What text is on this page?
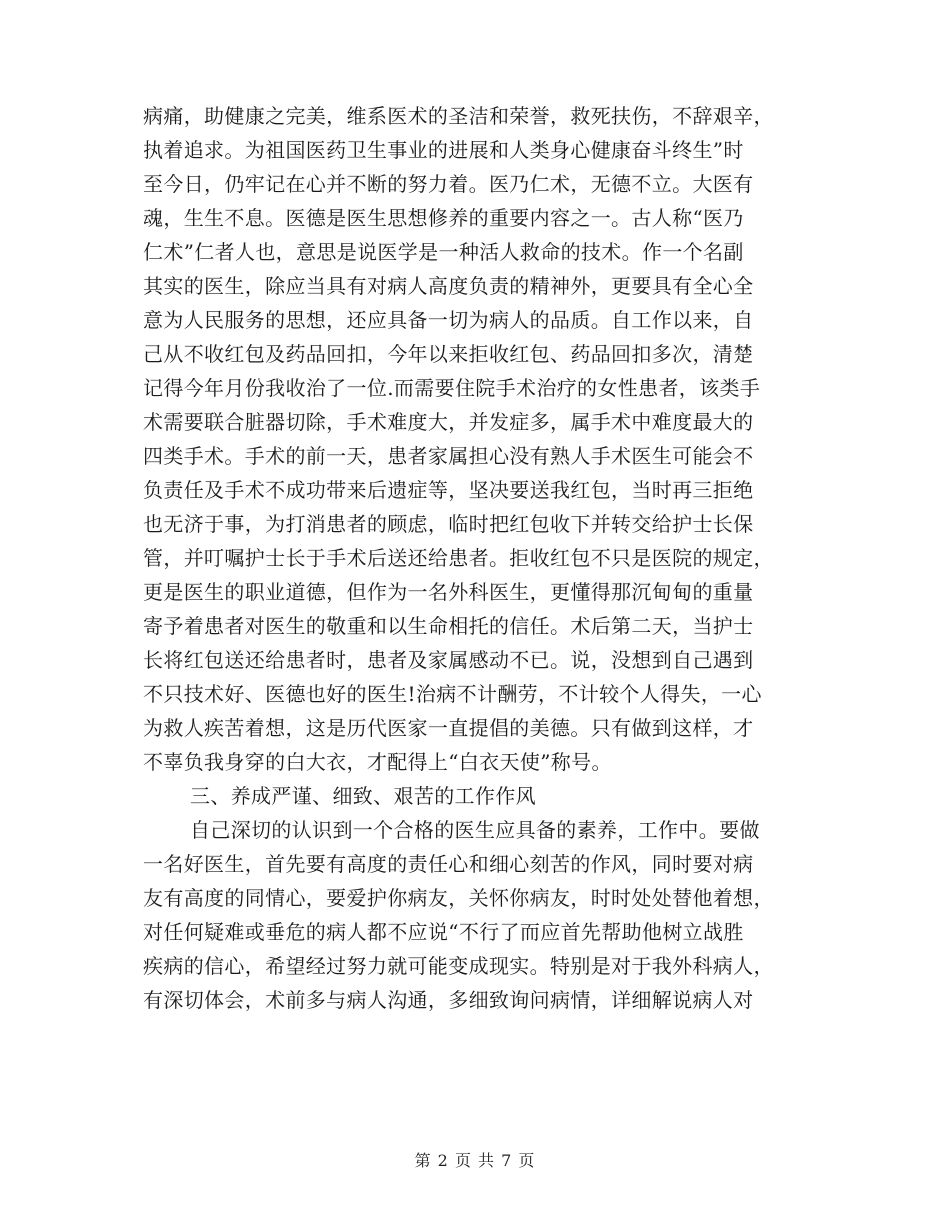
病痛，助健康之完美，维系医术的圣洁和荣誉，救死扶伤，不辞艰辛，
执着追求。为祖国医药卫生事业的进展和人类身心健康奋斗终生”时
至今日，仍牢记在心并不断的努力着。医乃仁术，无德不立。大医有
魂，生生不息。医德是医生思想修养的重要内容之一。古人称“医乃
仁术”仁者人也，意思是说医学是一种活人救命的技术。作一个名副
其实的医生，除应当具有对病人高度负责的精神外，更要具有全心全
意为人民服务的思想，还应具备一切为病人的品质。自工作以来，自
己从不收红包及药品回扣，今年以来拒收红包、药品回扣多次，清楚
记得今年月份我收治了一位.而需要住院手术治疗的女性患者，该类手
术需要联合脏器切除，手术难度大，并发症多，属手术中难度最大的
四类手术。手术的前一天，患者家属担心没有熟人手术医生可能会不
负责任及手术不成功带来后遗症等，坚决要送我红包，当时再三拒绝
也无济于事，为打消患者的顾虑，临时把红包收下并转交给护士长保
管，并叮嘱护士长于手术后送还给患者。拒收红包不只是医院的规定，
更是医生的职业道德，但作为一名外科医生，更懂得那沉甸甸的重量
寄予着患者对医生的敬重和以生命相托的信任。术后第二天，当护士
长将红包送还给患者时，患者及家属感动不已。说，没想到自己遇到
不只技术好、医德也好的医生!治病不计酬劳，不计较个人得失，一心
为救人疾苦着想，这是历代医家一直提倡的美德。只有做到这样，才
不辜负我身穿的白大衣，才配得上“白衣天使”称号。
三、养成严谨、细致、艰苦的工作作风
自己深切的认识到一个合格的医生应具备的素养，工作中。要做
一名好医生，首先要有高度的责任心和细心刻苦的作风，同时要对病
友有高度的同情心，要爱护你病友，关怀你病友，时时处处替他着想，
对任何疑难或垂危的病人都不应说“不行了而应首先帮助他树立战胜
疾病的信心，希望经过努力就可能变成现实。特别是对于我外科病人，
有深切体会，术前多与病人沟通，多细致询问病情，详细解说病人对
第 2 页 共 7 页
